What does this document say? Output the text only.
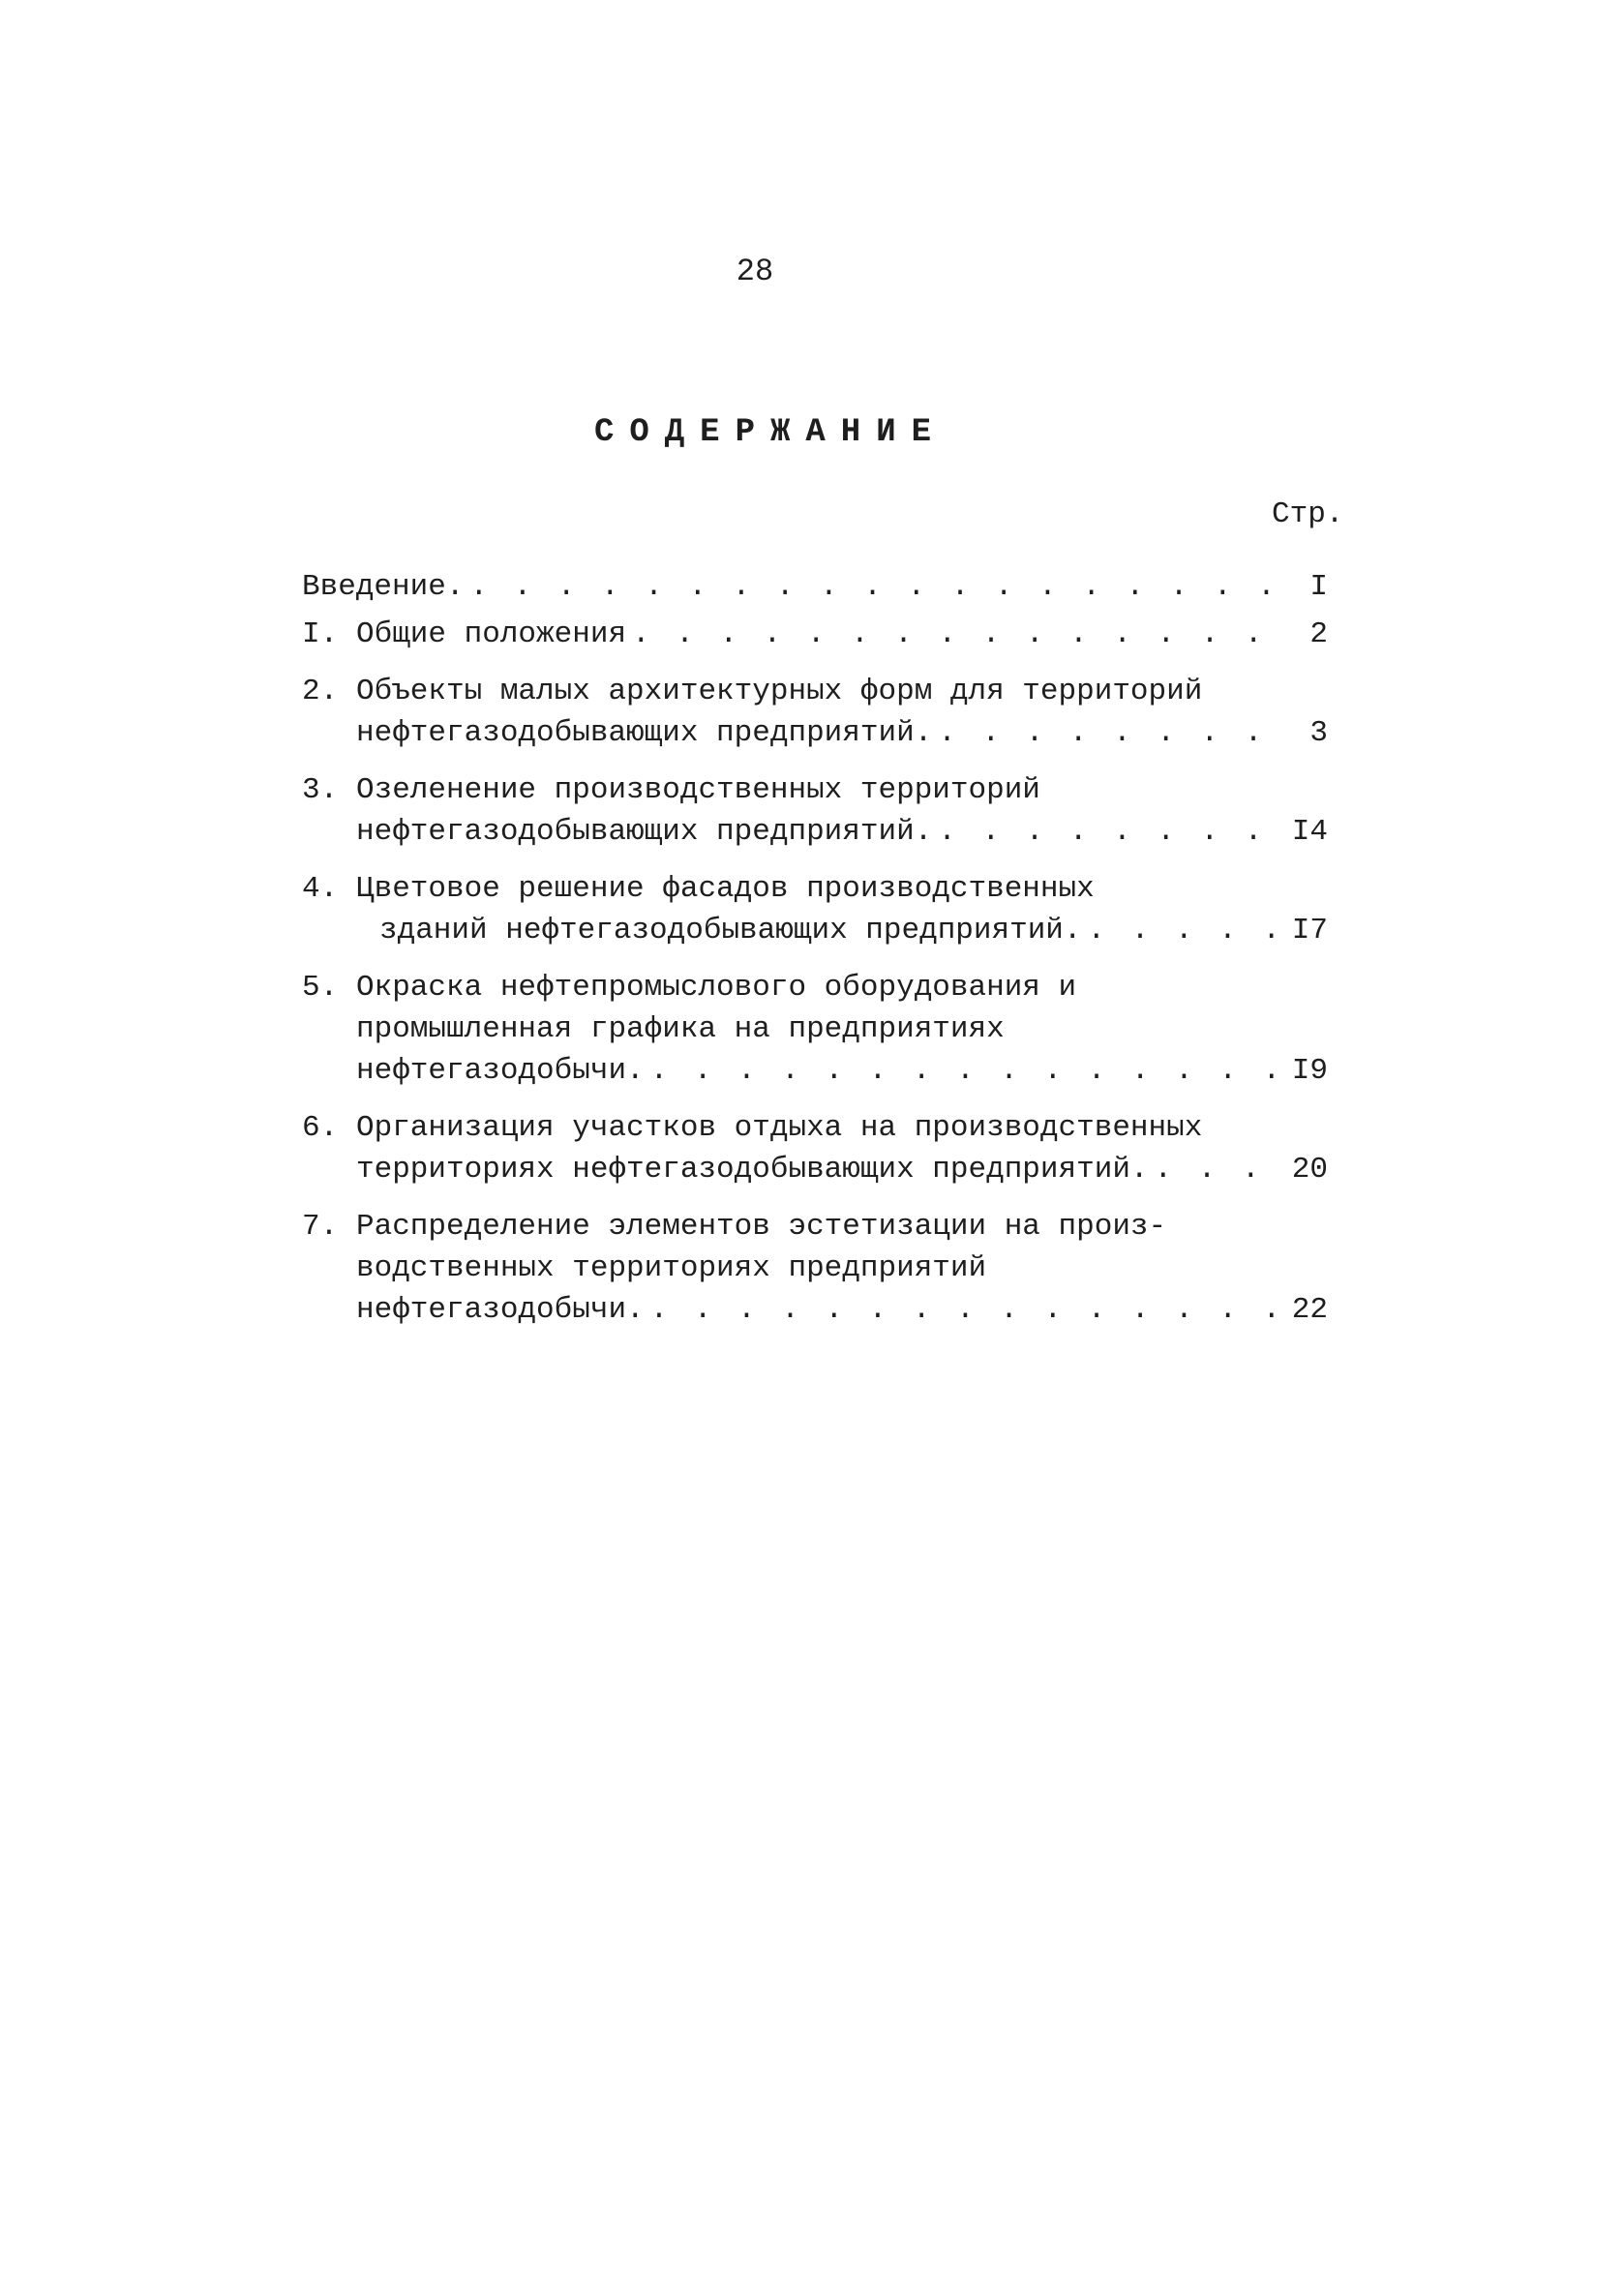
28
СОДЕРЖАНИЕ
Стр.
Введение. . . .	I
I. Общие положения . . .	2
2. Объекты малых архитектурных форм для территорий
нефтегазодобывающих предприятий. . . .	3
3. Озеленение производственных территорий
нефтегазодобывающих предприятий. . . .	I4
4. Цветовое решение фасадов производственных
зданий нефтегазодобывающих предприятий. . . .	I7
5. Окраска нефтепромыслового оборудования и
промышленная графика на предприятиях
нефтегазодобычи. . . .	I9
6. Организация участков отдыха на производственных
территориях нефтегазодобывающих предприятий. . . .	20
7. Распределение элементов эстетизации на произ-
водственных территориях предприятий
нефтегазодобычи. . . .	22
